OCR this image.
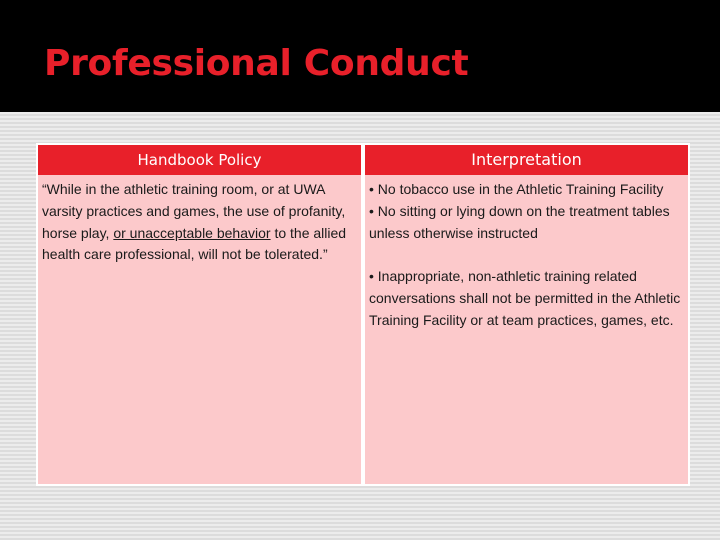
Professional Conduct
Handbook Policy

“While in the athletic training room, or at UWA varsity practices and games, the use of profanity, horse play, or unacceptable behavior to the allied health care professional, will not be tolerated.”

Interpretation

• No tobacco use in the Athletic Training Facility

• No sitting or lying down on the treatment tables unless otherwise instructed

• Inappropriate, non-athletic training related conversations shall not be permitted in the Athletic Training Facility or at team practices, games, etc.
